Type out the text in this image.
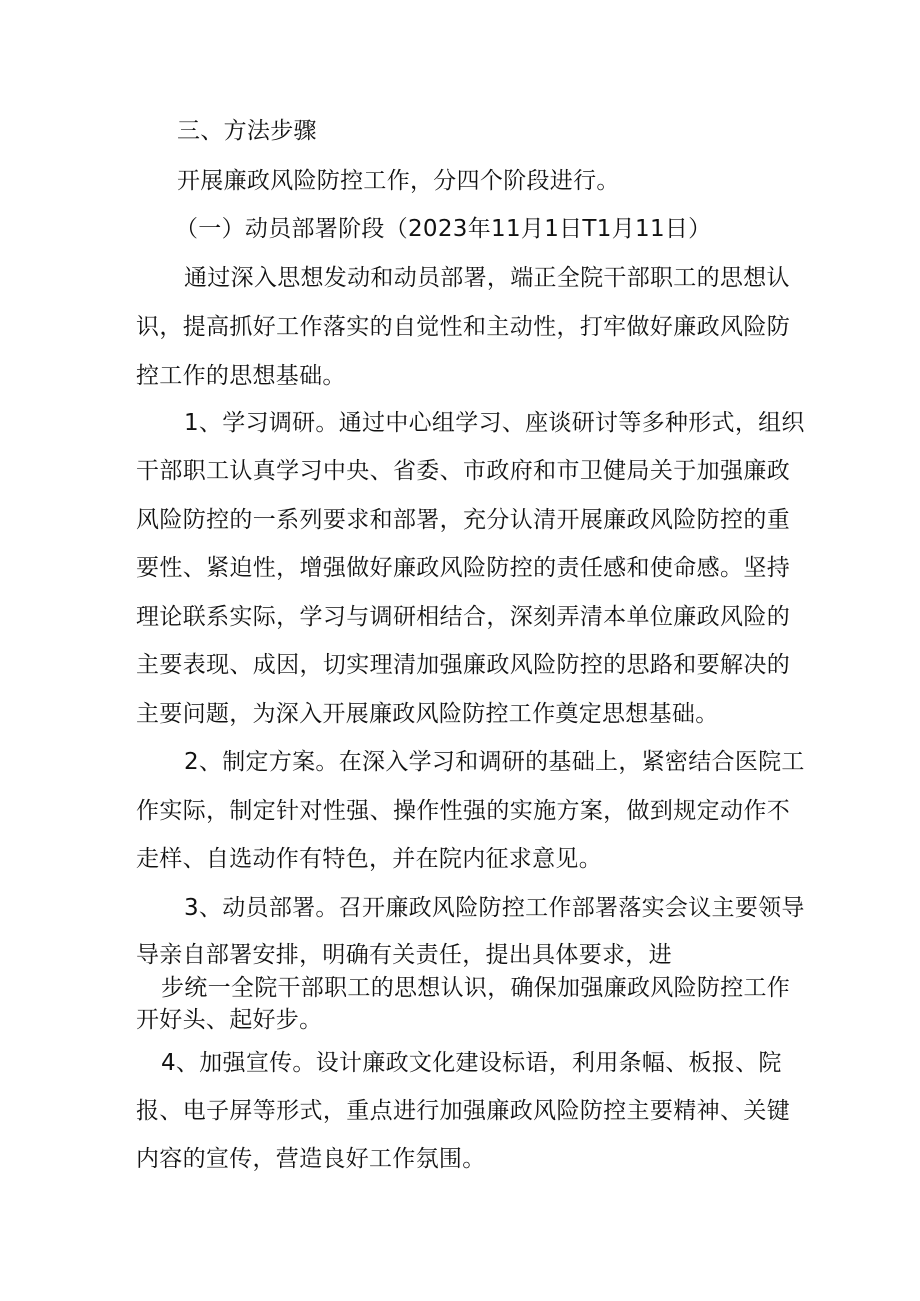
三、方法步骤
开展廉政风险防控工作，分四个阶段进行。
（一）动员部署阶段（2023年11月1日T1月11日）
通过深入思想发动和动员部署，端正全院干部职工的思想认
识，提高抓好工作落实的自觉性和主动性，打牢做好廉政风险防
控工作的思想基础。
1、学习调研。通过中心组学习、座谈研讨等多种形式，组织
干部职工认真学习中央、省委、市政府和市卫健局关于加强廉政
风险防控的一系列要求和部署，充分认清开展廉政风险防控的重
要性、紧迫性，增强做好廉政风险防控的责任感和使命感。坚持
理论联系实际，学习与调研相结合，深刻弄清本单位廉政风险的
主要表现、成因，切实理清加强廉政风险防控的思路和要解决的
主要问题，为深入开展廉政风险防控工作奠定思想基础。
2、制定方案。在深入学习和调研的基础上，紧密结合医院工
作实际，制定针对性强、操作性强的实施方案，做到规定动作不
走样、自选动作有特色，并在院内征求意见。
3、动员部署。召开廉政风险防控工作部署落实会议主要领导
导亲自部署安排，明确有关责任，提出具体要求，进
步统一全院干部职工的思想认识，确保加强廉政风险防控工作
开好头、起好步。
4、加强宣传。设计廉政文化建设标语，利用条幅、板报、院
报、电子屏等形式，重点进行加强廉政风险防控主要精神、关键
内容的宣传，营造良好工作氛围。
